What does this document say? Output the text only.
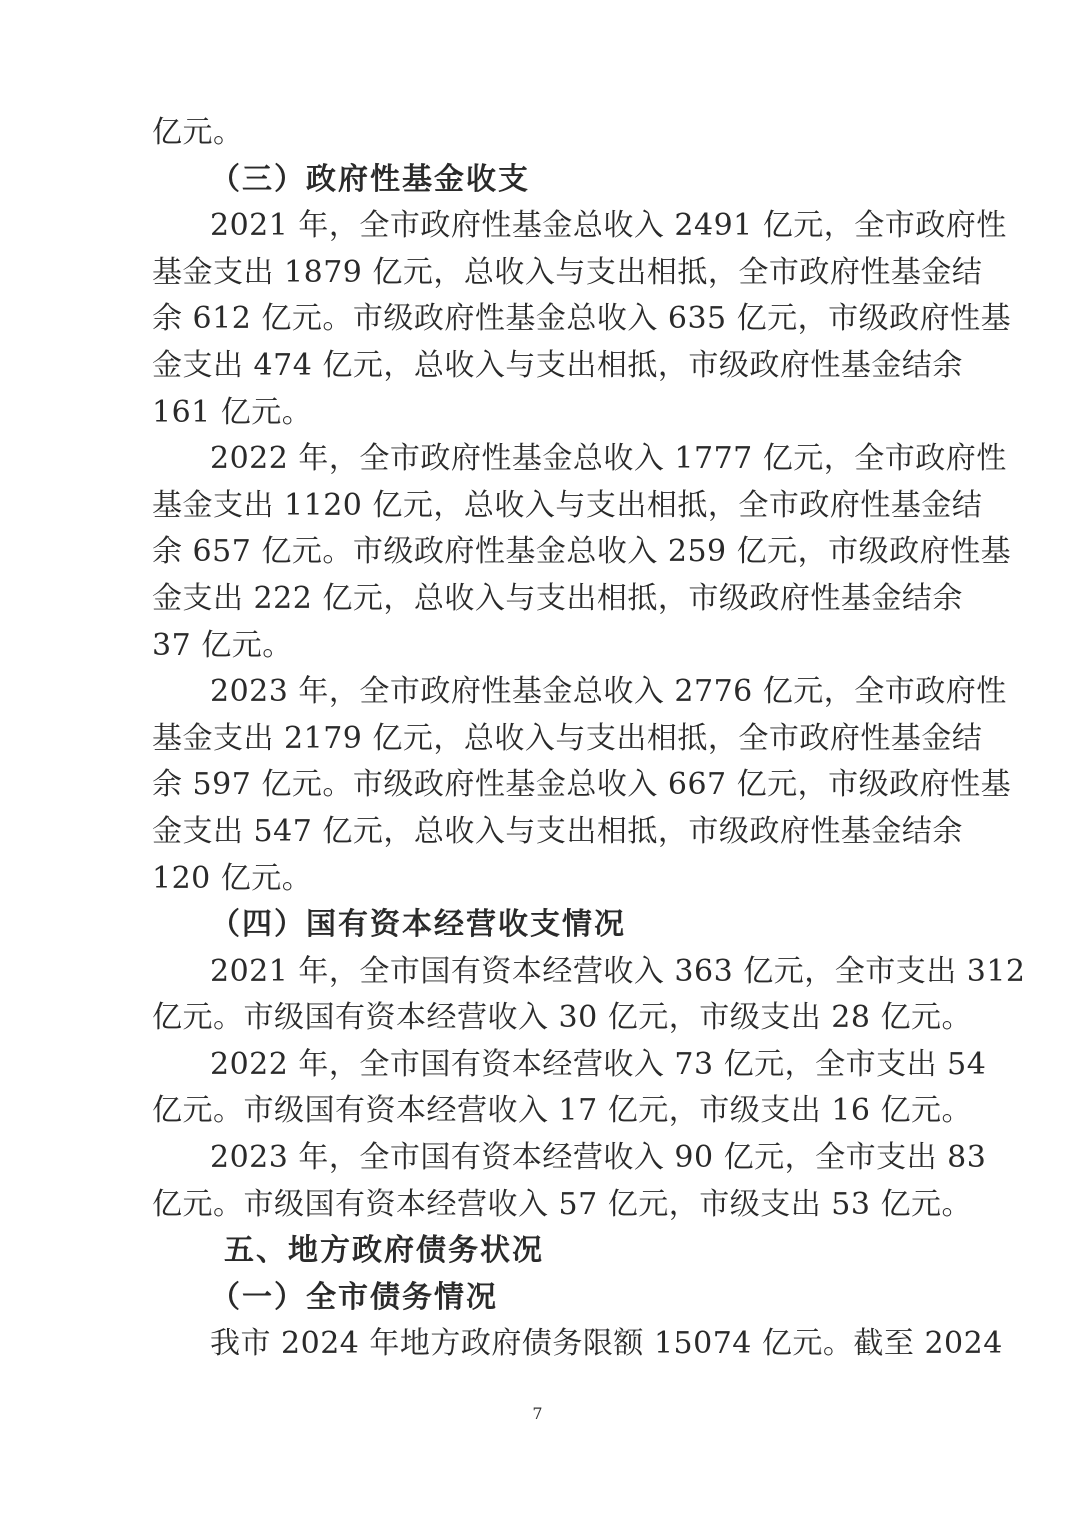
亿元。
（三）政府性基金收支
2021 年，全市政府性基金总收入 2491 亿元，全市政府性
基金支出 1879 亿元，总收入与支出相抵，全市政府性基金结
余 612 亿元。市级政府性基金总收入 635 亿元，市级政府性基
金支出 474 亿元，总收入与支出相抵，市级政府性基金结余
161 亿元。
2022 年，全市政府性基金总收入 1777 亿元，全市政府性
基金支出 1120 亿元，总收入与支出相抵，全市政府性基金结
余 657 亿元。市级政府性基金总收入 259 亿元，市级政府性基
金支出 222 亿元，总收入与支出相抵，市级政府性基金结余
37 亿元。
2023 年，全市政府性基金总收入 2776 亿元，全市政府性
基金支出 2179 亿元，总收入与支出相抵，全市政府性基金结
余 597 亿元。市级政府性基金总收入 667 亿元，市级政府性基
金支出 547 亿元，总收入与支出相抵，市级政府性基金结余
120 亿元。
（四）国有资本经营收支情况
2021 年，全市国有资本经营收入 363 亿元，全市支出 312
亿元。市级国有资本经营收入 30 亿元，市级支出 28 亿元。
2022 年，全市国有资本经营收入 73 亿元，全市支出 54
亿元。市级国有资本经营收入 17 亿元，市级支出 16 亿元。
2023 年，全市国有资本经营收入 90 亿元，全市支出 83
亿元。市级国有资本经营收入 57 亿元，市级支出 53 亿元。
五、地方政府债务状况
（一）全市债务情况
我市 2024 年地方政府债务限额 15074 亿元。截至 2024
7
